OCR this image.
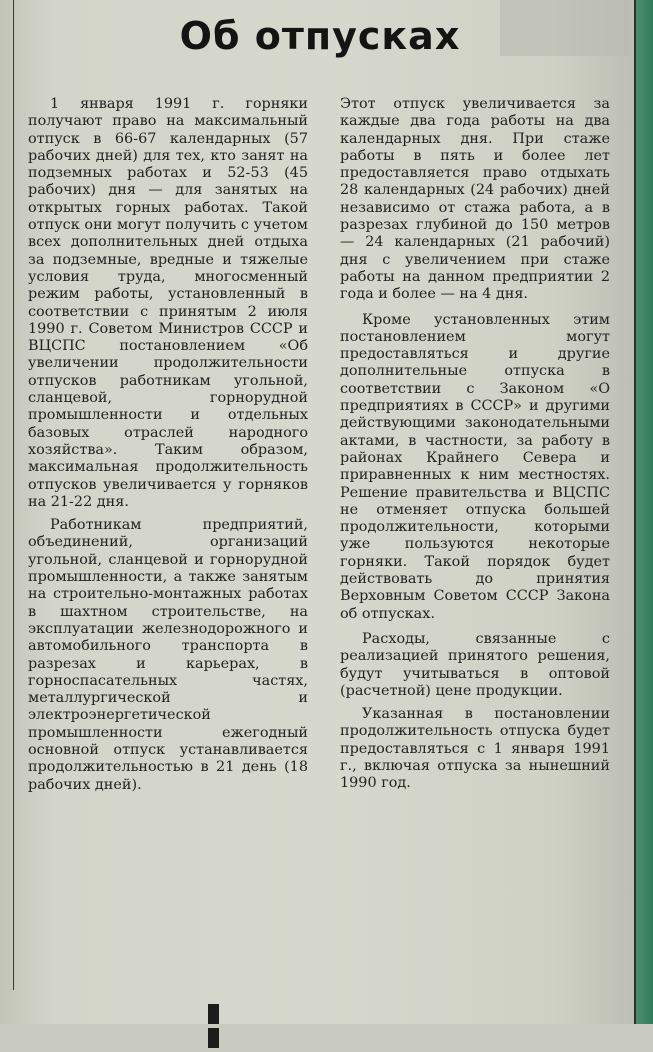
Об отпусках

1 января 1991 г. горняки получают право на максимальный отпуск в 66-67 календарных (57 рабочих дней) для тех, кто занят на подземных работах и 52-53 (45 рабочих) дня — для занятых на открытых горных работах. Такой отпуск они могут получить с учетом всех дополнительных дней отдыха за подземные, вредные и тяжелые условия труда, многосменный режим работы, установленный в соответствии с принятым 2 июля 1990 г. Советом Министров СССР и ВЦСПС постановлением «Об увеличении продолжительности отпусков работникам угольной, сланцевой, горнорудной промышленности и отдельных базовых отраслей народного хозяйства». Таким образом, максимальная продолжительность отпусков увеличивается у горняков на 21-22 дня.

Работникам предприятий, объединений, организаций угольной, сланцевой и горнорудной промышленности, а также занятым на строительно-монтажных работах в шахтном строительстве, на эксплуатации железнодорожного и автомобильного транспорта в разрезах и карьерах, в горноспасательных частях, металлургической и электроэнергетической промышленности ежегодный основной отпуск устанавливается продолжительностью в 21 день (18 рабочих дней).

Этот отпуск увеличивается за каждые два года работы на два календарных дня. При стаже работы в пять и более лет предоставляется право отдыхать 28 календарных (24 рабочих) дней независимо от стажа работа, а в разрезах глубиной до 150 метров — 24 календарных (21 рабочий) дня с увеличением при стаже работы на данном предприятии 2 года и более — на 4 дня.

Кроме установленных этим постановлением могут предоставляться и другие дополнительные отпуска в соответствии с Законом «О предприятиях в СССР» и другими действующими законодательными актами, в частности, за работу в районах Крайнего Севера и приравненных к ним местностях. Решение правительства и ВЦСПС не отменяет отпуска большей продолжительности, которыми уже пользуются некоторые горняки. Такой порядок будет действовать до принятия Верховным Советом СССР Закона об отпусках.

Расходы, связанные с реализацией принятого решения, будут учитываться в оптовой (расчетной) цене продукции.

Указанная в постановлении продолжительность отпуска будет предоставляться с 1 января 1991 г., включая отпуска за нынешний 1990 год.
